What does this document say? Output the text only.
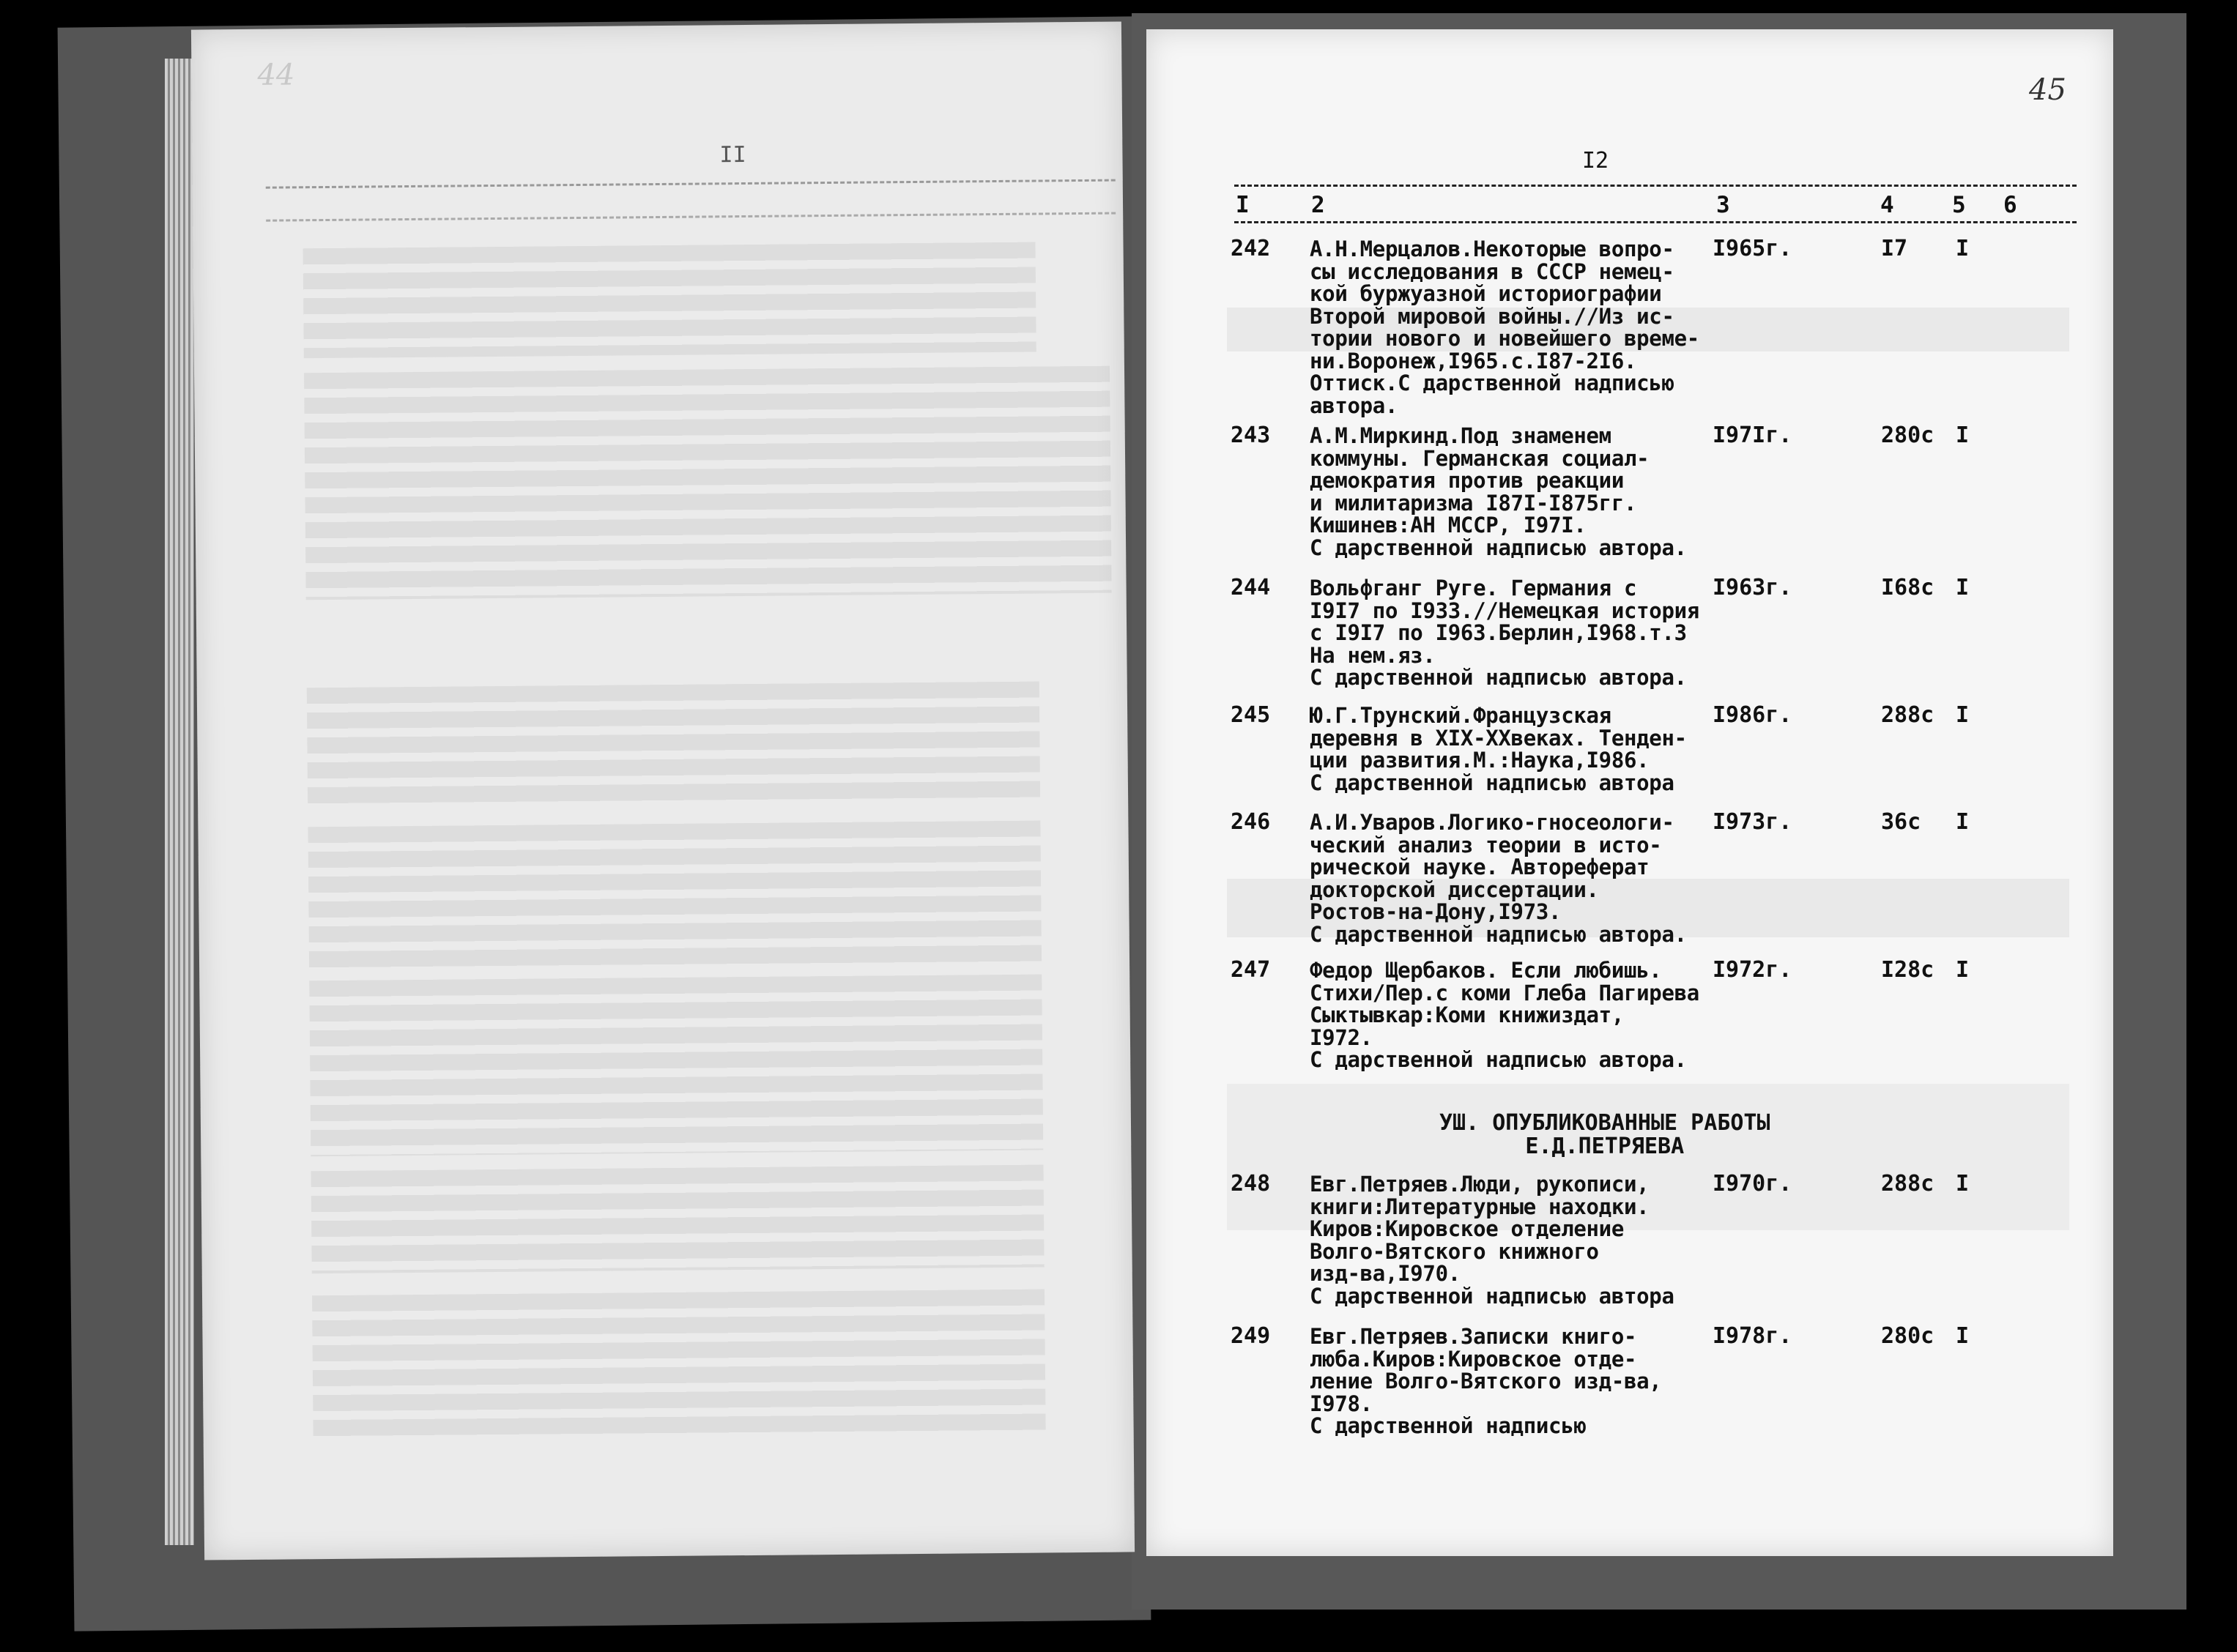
44
II
45
I2
I	2	3	4	5 6
242 А.Н.Мерцалов.Некоторые вопро-
сы исследования в СССР немец-
кой буржуазной историографии
Второй мировой войны.//Из ис-
тории нового и новейшего време-
ни.Воронеж,I965.с.I87-2I6.
Оттиск.С дарственной надписью
автора.
I965г.	I7 I
243 А.М.Миркинд.Под знаменем
коммуны. Германская социал-
демократия против реакции
и милитаризма I87I-I875гг.
Кишинев:АН МССР, I97I.
С дарственной надписью автора.
I97Iг.	280с I
244 Вольфганг Руге. Германия с
I9I7 по I933.//Немецкая история
с I9I7 по I963.Берлин,I968.т.3
На нем.яз.
С дарственной надписью автора.
I963г.	I68с I
245 Ю.Г.Трунский.Французская
деревня в XIX-XXвеках. Тенден-
ции развития.М.:Наука,I986.
С дарственной надписью автора
I986г.	288с I
246 А.И.Уваров.Логико-гносеологи-
ческий анализ теории в исто-
рической науке. Автореферат
докторской диссертации.
Ростов-на-Дону,I973.
С дарственной надписью автора.
I973г.	36с I
247 Федор Щербаков. Если любишь.
Стихи/Пер.с коми Глеба Пагирева
Сыктывкар:Коми книжиздат,
I972.
С дарственной надписью автора.
I972г.	I28с I
УШ. ОПУБЛИКОВАННЫЕ РАБОТЫ
Е.Д.ПЕТРЯЕВА
248 Евг.Петряев.Люди, рукописи,
книги:Литературные находки.
Киров:Кировское отделение
Волго-Вятского книжного
изд-ва,I970.
С дарственной надписью автора
I970г.	288с I
249 Евг.Петряев.Записки книго-
люба.Киров:Кировское отде-
ление Волго-Вятского изд-ва,
I978.
С дарственной надписью
I978г.	280с I
